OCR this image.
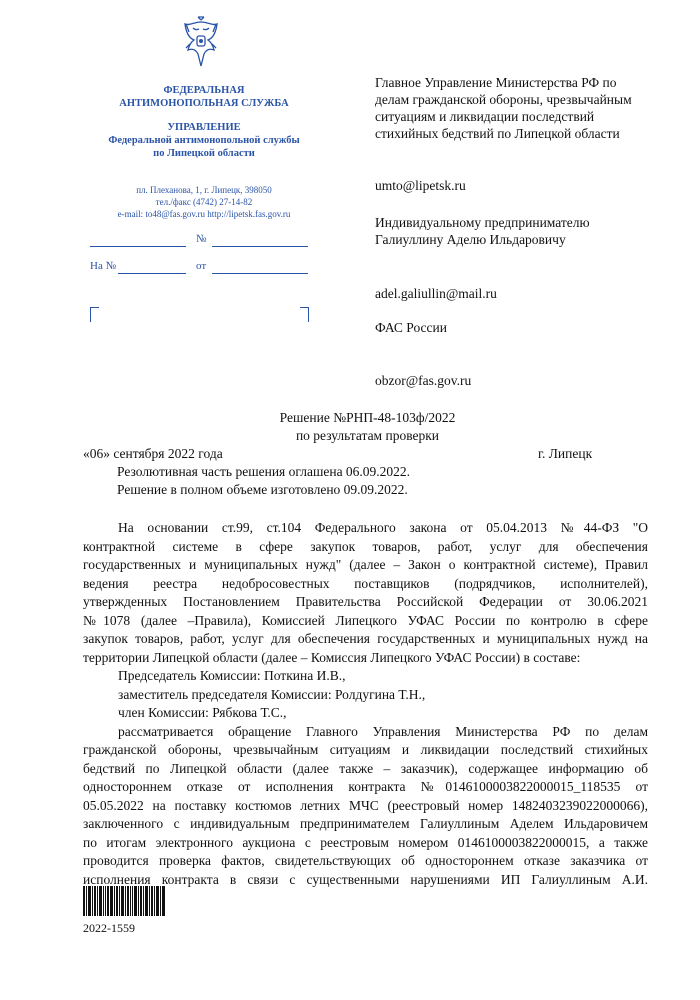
ФЕДЕРАЛЬНАЯ
АНТИМОНОПОЛЬНАЯ СЛУЖБА
УПРАВЛЕНИЕ
Федеральной антимонопольной службы
по Липецкой области
пл. Плеханова, 1, г. Липецк, 398050
тел./факс (4742) 27-14-82
e-mail: to48@fas.gov.ru http://lipetsk.fas.gov.ru
№
На №	от
Главное Управление Министерства РФ по
делам гражданской обороны, чрезвычайным
ситуациям и ликвидации последствий
стихийных бедствий по Липецкой области
umto@lipetsk.ru
Индивидуальному предпринимателю
Галиуллину Аделю Ильдаровичу
adel.galiullin@mail.ru
ФАС России
obzor@fas.gov.ru
Решение №РНП-48-103ф/2022
по результатам проверки
«06» сентября 2022 года	г. Липецк
Резолютивная часть решения оглашена 06.09.2022.
Решение в полном объеме изготовлено 09.09.2022.
На основании ст.99, ст.104 Федерального закона от 05.04.2013 №44-ФЗ "О
контрактной системе в сфере закупок товаров, работ, услуг для обеспечения
государственных и муниципальных нужд" (далее – Закон о контрактной системе), Правил
ведения реестра недобросовестных поставщиков (подрядчиков, исполнителей),
утвержденных Постановлением Правительства Российской Федерации от 30.06.2021
№1078 (далее –Правила), Комиссией Липецкого УФАС России по контролю в сфере
закупок товаров, работ, услуг для обеспечения государственных и муниципальных нужд на
территории Липецкой области (далее – Комиссия Липецкого УФАС России) в составе:
Председатель Комиссии: Поткина И.В.,
заместитель председателя Комиссии: Ролдугина Т.Н.,
член Комиссии: Рябкова Т.С.,
рассматривается обращение Главного Управления Министерства РФ по делам
гражданской обороны, чрезвычайным ситуациям и ликвидации последствий стихийных
бедствий по Липецкой области (далее также – заказчик), содержащее информацию об
одностороннем отказе от исполнения контракта №0146100003822000015_118535 от
05.05.2022 на поставку костюмов летних МЧС (реестровый номер 1482403239022000066),
заключенного с индивидуальным предпринимателем Галиуллиным Аделем Ильдаровичем
по итогам электронного аукциона с реестровым номером 0146100003822000015, а также
проводится проверка фактов, свидетельствующих об одностороннем отказе заказчика от
исполнения контракта в связи с существенными нарушениями ИП Галиуллиным А.И.
2022-1559
